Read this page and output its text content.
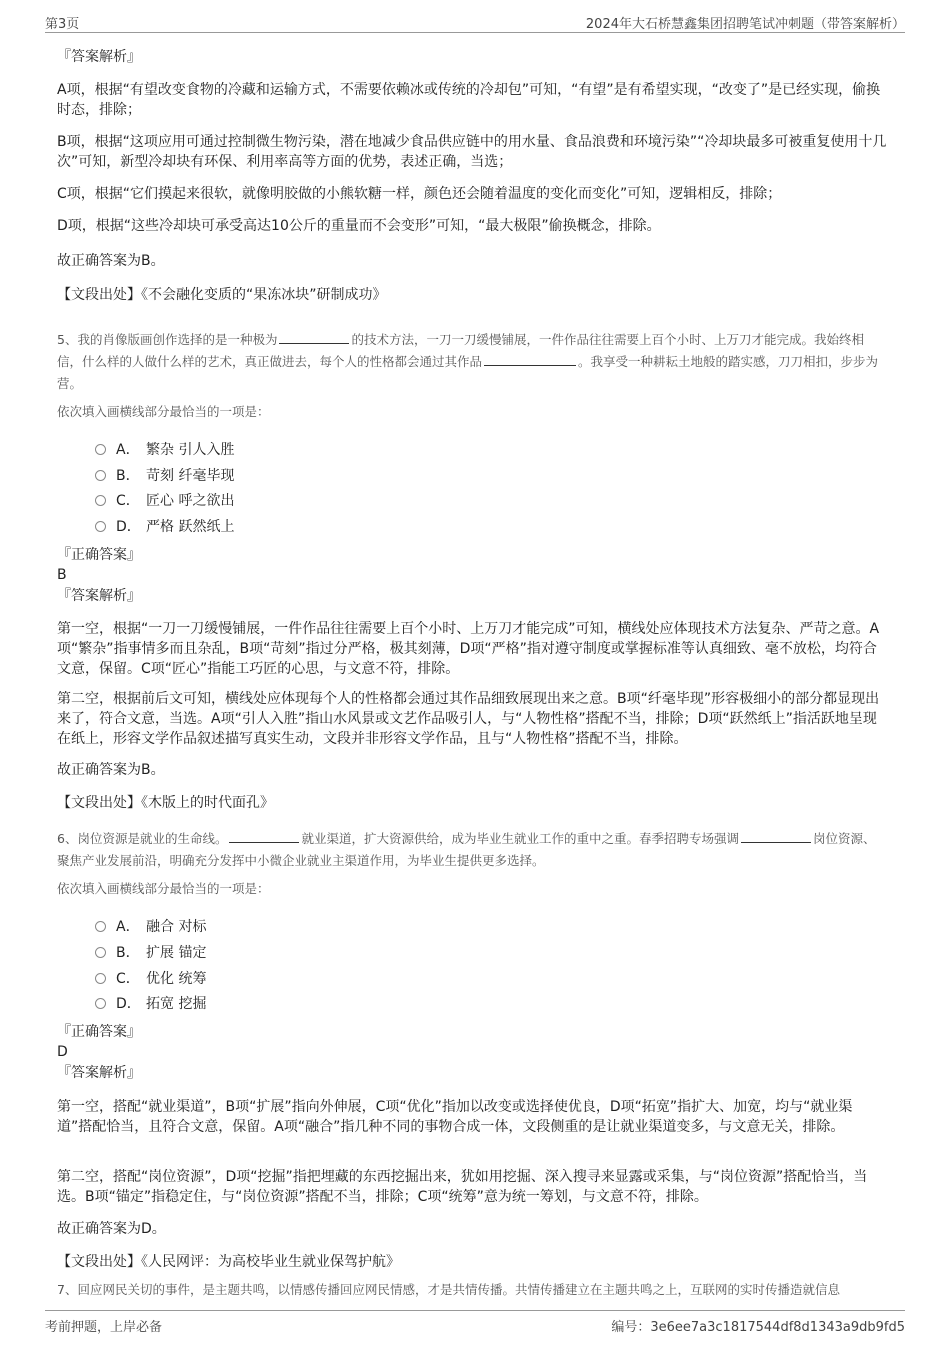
第3页	2024年大石桥慧鑫集团招聘笔试冲刺题（带答案解析）

『答案解析』

A项，根据“有望改变食物的冷藏和运输方式，不需要依赖冰或传统的冷却包”可知，“有望”是有希望实现，“改变了”是已经实现，偷换时态，排除；

B项，根据“这项应用可通过控制微生物污染，潜在地减少食品供应链中的用水量、食品浪费和环境污染”“冷却块最多可被重复使用十几次”可知，新型冷却块有环保、利用率高等方面的优势，表述正确，当选；

C项，根据“它们摸起来很软，就像明胶做的小熊软糖一样，颜色还会随着温度的变化而变化”可知，逻辑相反，排除；

D项，根据“这些冷却块可承受高达10公斤的重量而不会变形”可知，“最大极限”偷换概念，排除。

故正确答案为B。

【文段出处】《不会融化变质的“果冻冰块”研制成功》

5、我的肖像版画创作选择的是一种极为	的技术方法，一刀一刀缓慢铺展，一件作品往往需要上百个小时、上万刀才能完成。我始终相信，什么样的人做什么样的艺术，真正做进去，每个人的性格都会通过其作品	。我享受一种耕耘土地般的踏实感，刀刀相扣，步步为营。

依次填入画横线部分最恰当的一项是：

A． 繁杂 引人入胜
B． 苛刻 纤毫毕现
C． 匠心 呼之欲出
D． 严格 跃然纸上

『正确答案』

B

『答案解析』

第一空，根据“一刀一刀缓慢铺展，一件作品往往需要上百个小时、上万刀才能完成”可知，横线处应体现技术方法复杂、严苛之意。A项“繁杂”指事情多而且杂乱，B项“苛刻”指过分严格，极其刻薄，D项“严格”指对遵守制度或掌握标准等认真细致、毫不放松，均符合文意，保留。C项“匠心”指能工巧匠的心思，与文意不符，排除。

第二空，根据前后文可知，横线处应体现每个人的性格都会通过其作品细致展现出来之意。B项“纤毫毕现”形容极细小的部分都显现出来了，符合文意，当选。A项“引人入胜”指山水风景或文艺作品吸引人，与“人物性格”搭配不当，排除；D项“跃然纸上”指活跃地呈现在纸上，形容文学作品叙述描写真实生动，文段并非形容文学作品，且与“人物性格”搭配不当，排除。

故正确答案为B。

【文段出处】《木版上的时代面孔》

6、岗位资源是就业的生命线。	就业渠道，扩大资源供给，成为毕业生就业工作的重中之重。春季招聘专场强调	岗位资源、聚焦产业发展前沿，明确充分发挥中小微企业就业主渠道作用，为毕业生提供更多选择。

依次填入画横线部分最恰当的一项是：

A． 融合 对标
B． 扩展 锚定
C． 优化 统筹
D． 拓宽 挖掘

『正确答案』

D

『答案解析』

第一空，搭配“就业渠道”，B项“扩展”指向外伸展，C项“优化”指加以改变或选择使优良，D项“拓宽”指扩大、加宽，均与“就业渠道”搭配恰当，且符合文意，保留。A项“融合”指几种不同的事物合成一体，文段侧重的是让就业渠道变多，与文意无关，排除。

第二空，搭配“岗位资源”，D项“挖掘”指把埋藏的东西挖掘出来，犹如用挖掘、深入搜寻来显露或采集，与“岗位资源”搭配恰当，当选。B项“锚定”指稳定住，与“岗位资源”搭配不当，排除；C项“统筹”意为统一筹划，与文意不符，排除。

故正确答案为D。

【文段出处】《人民网评：为高校毕业生就业保驾护航》

7、回应网民关切的事件，是主题共鸣，以情感传播回应网民情感，才是共情传播。共情传播建立在主题共鸣之上，互联网的实时传播造就信息

考前押题，上岸必备	编号：3e6ee7a3c1817544df8d1343a9db9fd5
